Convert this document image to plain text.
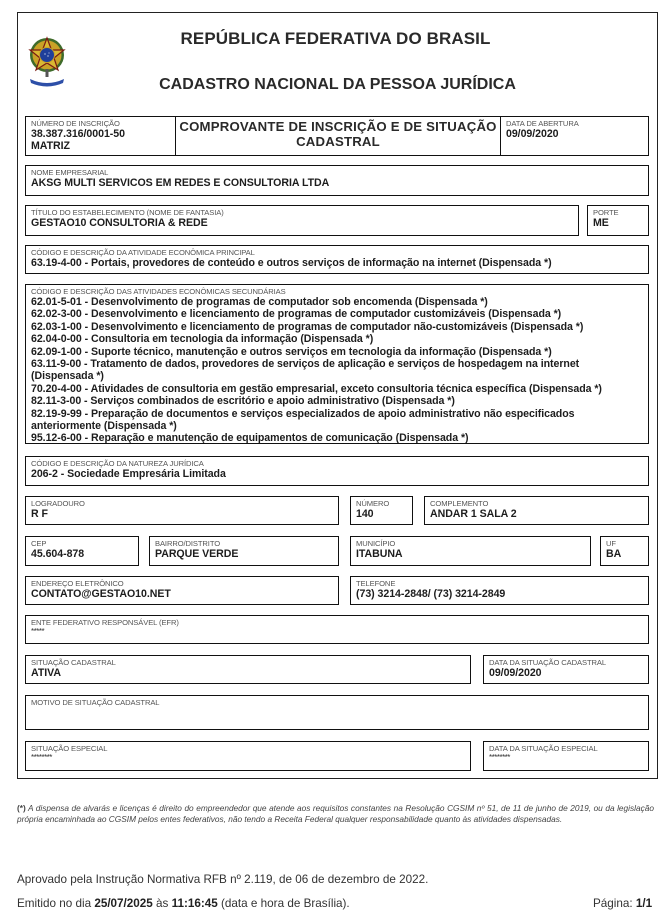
REPÚBLICA FEDERATIVA DO BRASIL
CADASTRO NACIONAL DA PESSOA JURÍDICA
NÚMERO DE INSCRIÇÃO
38.387.316/0001-50
MATRIZ
COMPROVANTE DE INSCRIÇÃO E DE SITUAÇÃO
CADASTRAL
DATA DE ABERTURA
09/09/2020
NOME EMPRESARIAL
AKSG MULTI SERVICOS EM REDES E CONSULTORIA LTDA
TÍTULO DO ESTABELECIMENTO (NOME DE FANTASIA)
GESTAO10 CONSULTORIA & REDE
PORTE
ME
CÓDIGO E DESCRIÇÃO DA ATIVIDADE ECONÔMICA PRINCIPAL
63.19-4-00 - Portais, provedores de conteúdo e outros serviços de informação na internet (Dispensada *)
CÓDIGO E DESCRIÇÃO DAS ATIVIDADES ECONÔMICAS SECUNDÁRIAS
62.01-5-01 - Desenvolvimento de programas de computador sob encomenda (Dispensada *)
62.02-3-00 - Desenvolvimento e licenciamento de programas de computador customizáveis (Dispensada *)
62.03-1-00 - Desenvolvimento e licenciamento de programas de computador não-customizáveis (Dispensada *)
62.04-0-00 - Consultoria em tecnologia da informação (Dispensada *)
62.09-1-00 - Suporte técnico, manutenção e outros serviços em tecnologia da informação (Dispensada *)
63.11-9-00 - Tratamento de dados, provedores de serviços de aplicação e serviços de hospedagem na internet (Dispensada *)
70.20-4-00 - Atividades de consultoria em gestão empresarial, exceto consultoria técnica específica (Dispensada *)
82.11-3-00 - Serviços combinados de escritório e apoio administrativo (Dispensada *)
82.19-9-99 - Preparação de documentos e serviços especializados de apoio administrativo não especificados anteriormente (Dispensada *)
95.12-6-00 - Reparação e manutenção de equipamentos de comunicação (Dispensada *)
CÓDIGO E DESCRIÇÃO DA NATUREZA JURÍDICA
206-2 - Sociedade Empresária Limitada
LOGRADOURO
R F
NÚMERO
140
COMPLEMENTO
ANDAR 1 SALA 2
CEP
45.604-878
BAIRRO/DISTRITO
PARQUE VERDE
MUNICÍPIO
ITABUNA
UF
BA
ENDEREÇO ELETRÔNICO
CONTATO@GESTAO10.NET
TELEFONE
(73) 3214-2848/ (73) 3214-2849
ENTE FEDERATIVO RESPONSÁVEL (EFR)
*****
SITUAÇÃO CADASTRAL
ATIVA
DATA DA SITUAÇÃO CADASTRAL
09/09/2020
MOTIVO DE SITUAÇÃO CADASTRAL
SITUAÇÃO ESPECIAL
********
DATA DA SITUAÇÃO ESPECIAL
********
(*) A dispensa de alvarás e licenças é direito do empreendedor que atende aos requisitos constantes na Resolução CGSIM nº 51, de 11 de junho de 2019, ou da legislação própria encaminhada ao CGSIM pelos entes federativos, não tendo a Receita Federal qualquer responsabilidade quanto às atividades dispensadas.
Aprovado pela Instrução Normativa RFB nº 2.119, de 06 de dezembro de 2022.
Emitido no dia 25/07/2025 às 11:16:45 (data e hora de Brasília).	Página: 1/1
